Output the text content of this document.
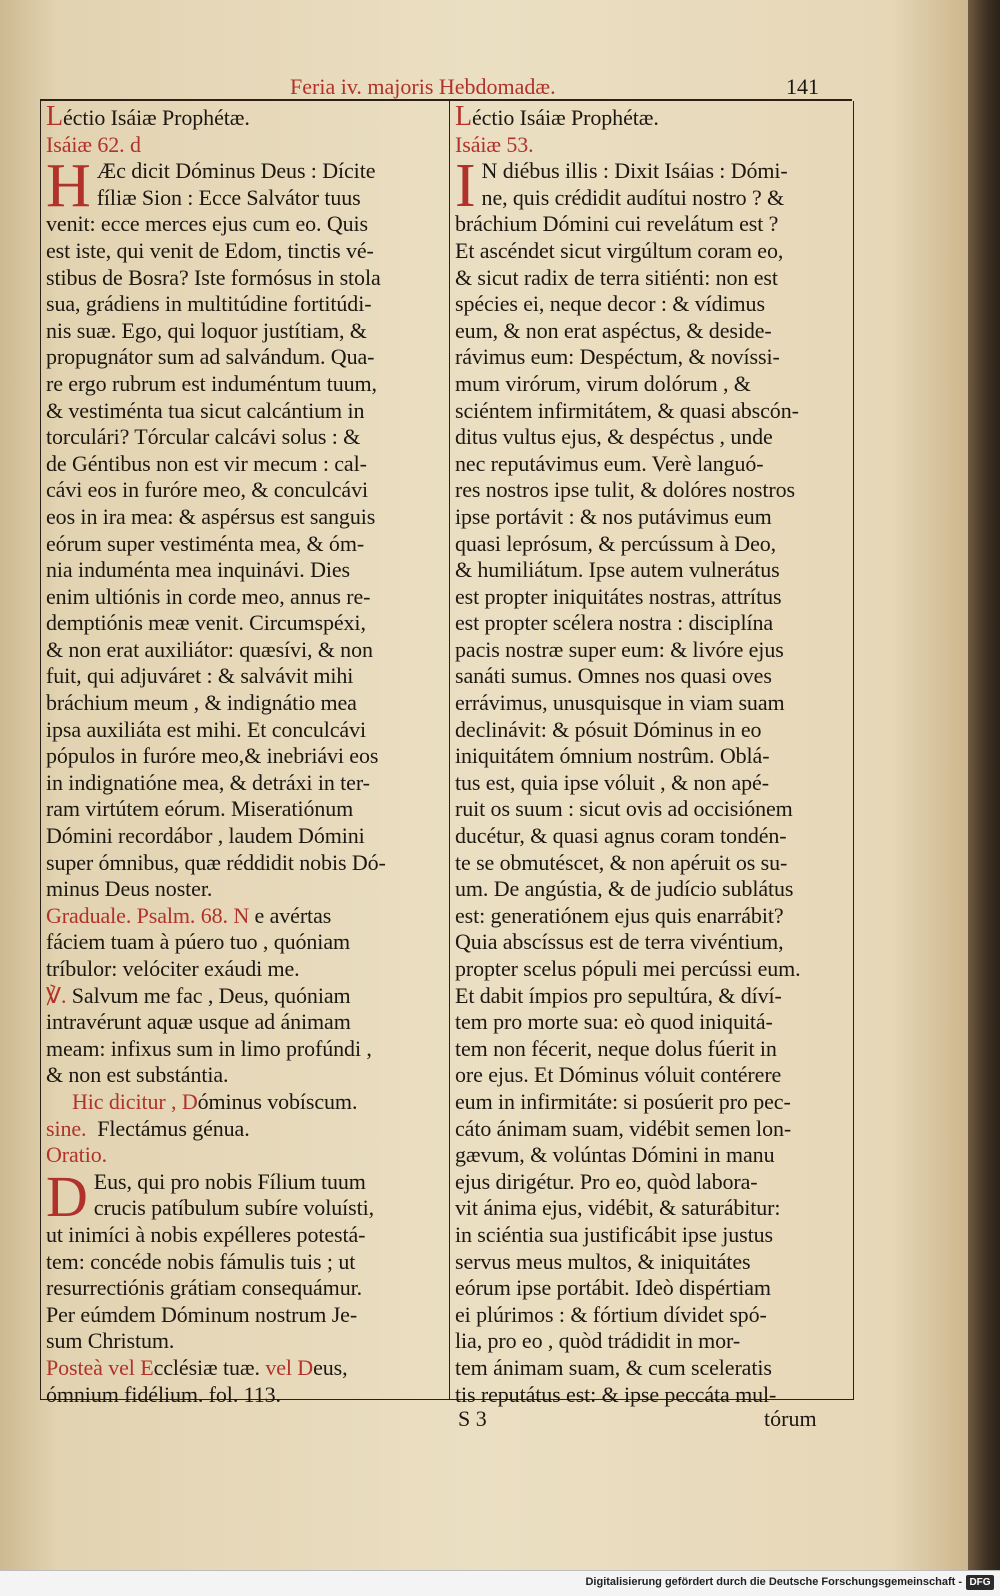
Feria iv. majoris Hebdomadæ.	141

Léctio Isáiæ Prophétæ.

Isáiæ 62. d

H Æc dicit Dóminus Deus : Dícite

fíliæ Sion : Ecce Salvátor tuus

venit: ecce merces ejus cum eo. Quis

est iste, qui venit de Edom, tinctis vé-

stibus de Bosra? Iste formósus in stola

sua, grádiens in multitúdine fortitúdi-

nis suæ. Ego, qui loquor justítiam, &

propugnátor sum ad salvándum. Qua-

re ergo rubrum est induméntum tuum,

& vestiménta tua sicut calcántium in

torculári? Tórcular calcávi solus : &

de Géntibus non est vir mecum : cal-

cávi eos in furóre meo, & conculcávi

eos in ira mea: & aspérsus est sanguis

eórum super vestiménta mea, & óm-

nia induménta mea inquinávi. Dies

enim ultiónis in corde meo, annus re-

demptiónis meæ venit. Circumspéxi,

& non erat auxiliátor: quæsívi, & non

fuit, qui adjuváret : & salvávit mihi

bráchium meum , & indignátio mea

ipsa auxiliáta est mihi. Et conculcávi

pópulos in furóre meo,& inebriávi eos

in indignatióne mea, & detráxi in ter-

ram virtútem eórum. Miseratiónum

Dómini recordábor , laudem Dómini

super ómnibus, quæ réddidit nobis Dó-

minus Deus noster.

Graduale. Psalm. 68. N e avértas

fáciem tuam à púero tuo , quóniam

tríbulor: velóciter exáudi me.

℣. Salvum me fac , Deus, quóniam

intravérunt aquæ usque ad ánimam

meam: infixus sum in limo profúndi ,

& non est substántia.

Hic dicitur , Dóminus vobíscum.

sine. Flectámus génua.

Oratio.

D Eus, qui pro nobis Fílium tuum

crucis patíbulum subíre voluísti,

ut inimíci à nobis expélleres potestá-

tem: concéde nobis fámulis tuis ; ut

resurrectiónis grátiam consequámur.

Per eúmdem Dóminum nostrum Je-

sum Christum.

Posteà vel Ecclésiæ tuæ. vel Deus,

ómnium fidélium. fol. 113.

Léctio Isáiæ Prophétæ.

Isáiæ 53.

I N diébus illis : Dixit Isáias : Dómi-

ne, quis crédidit audítui nostro ? &

bráchium Dómini cui revelátum est ?

Et ascéndet sicut virgúltum coram eo,

& sicut radix de terra sitiénti: non est

spécies ei, neque decor : & vídimus

eum, & non erat aspéctus, & deside-

rávimus eum: Despéctum, & novíssi-

mum virórum, virum dolórum , &

sciéntem infirmitátem, & quasi abscón-

ditus vultus ejus, & despéctus , unde

nec reputávimus eum. Verè languó-

res nostros ipse tulit, & dolóres nostros

ipse portávit : & nos putávimus eum

quasi leprósum, & percússum à Deo,

& humiliátum. Ipse autem vulnerátus

est propter iniquitátes nostras, attrítus

est propter scélera nostra : disciplína

pacis nostræ super eum: & livóre ejus

sanáti sumus. Omnes nos quasi oves

errávimus, unusquisque in viam suam

declinávit: & pósuit Dóminus in eo

iniquitátem ómnium nostrûm. Oblá-

tus est, quia ipse vóluit , & non apé-

ruit os suum : sicut ovis ad occisiónem

ducétur, & quasi agnus coram tondén-

te se obmutéscet, & non apéruit os su-

um. De angústia, & de judício sublátus

est: generatiónem ejus quis enarrábit?

Quia abscíssus est de terra vivéntium,

propter scelus pópuli mei percússi eum.

Et dabit ímpios pro sepultúra, & díví-

tem pro morte sua: eò quod iniquitá-

tem non fécerit, neque dolus fúerit in

ore ejus. Et Dóminus vóluit contérere

eum in infirmitáte: si posúerit pro pec-

cáto ánimam suam, vidébit semen lon-

gævum, & volúntas Dómini in manu

ejus dirigétur. Pro eo, quòd labora-

vit ánima ejus, vidébit, & saturábitur:

in sciéntia sua justificábit ipse justus

servus meus multos, & iniquitátes

eórum ipse portábit. Ideò dispértiam

ei plúrimos : & fórtium dívidet spó-

lia, pro eo , quòd trádidit in mor-

tem ánimam suam, & cum sceleratis

tis reputátus est: & ipse peccáta mul-

S 3	tórum
Digitalisierung gefördert durch die Deutsche Forschungsgemeinschaft - DFG
